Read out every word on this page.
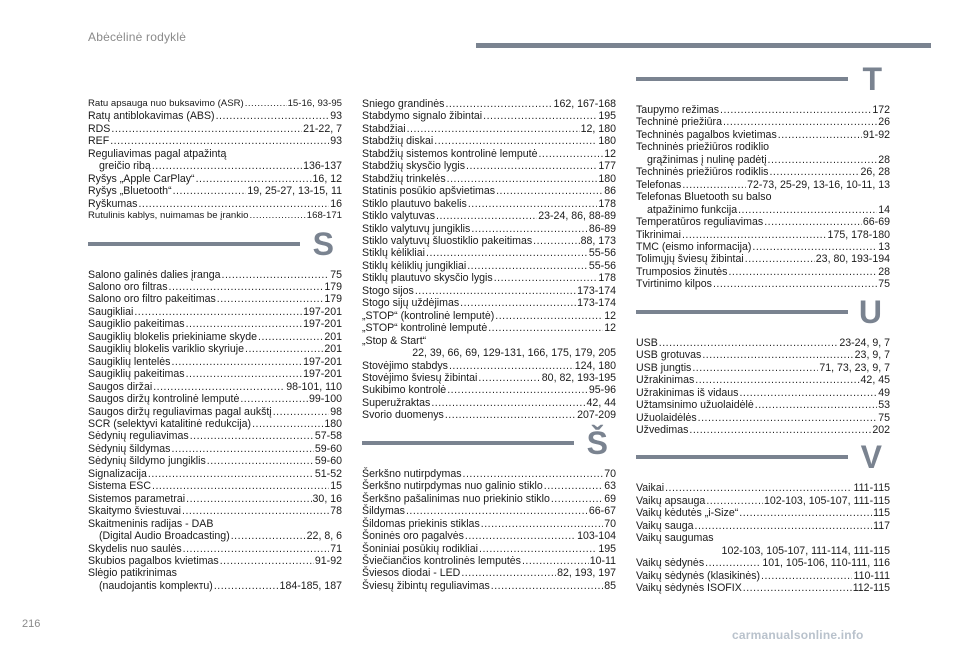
Abėcėlinė rodyklė
Ratu apsauga nuo buksavimo (ASR) .....	15-16, 93-95
Ratų antiblokavimas (ABS) .....	93
RDS .....	21-22, 7
REF .....	93
Reguliavimas pagal atpažintą
greičio ribą .....	136-137
Ryšys „Apple CarPlay“ .....	16, 12
Ryšys „Bluetooth“ .....	19, 25-27, 13-15, 11
Ryškumas .....	16
Rutulinis kablys, nuimamas be įrankio .....	168-171
S
Salono galinės dalies įranga .....	75
Salono oro filtras .....	179
Salono oro filtro pakeitimas .....	179
Saugikliai .....	197-201
Saugiklio pakeitimas .....	197-201
Saugiklių blokelis priekiniame skyde .....	201
Saugiklių blokelis variklio skyriuje .....	201
Saugiklių lentelės .....	197-201
Saugiklių pakeitimas .....	197-201
Saugos diržai .....	98-101, 110
Saugos diržų kontrolinė lemputė .....	99-100
Saugos diržų reguliavimas pagal aukštį .....	98
SCR (selektyvi katalitinė redukcija) .....	180
Sėdynių reguliavimas .....	57-58
Sėdynių šildymas .....	59-60
Sėdynių šildymo jungiklis .....	59-60
Signalizacija .....	51-52
Sistema ESC .....	15
Sistemos parametrai .....	30, 16
Skaitymo šviestuvai .....	78
Skaitmeninis radijas - DAB
(Digital Audio Broadcasting) .....	22, 8, 6
Skydelis nuo saulės .....	71
Skubios pagalbos kvietimas .....	91-92
Slėgio patikrinimas
(naudojantis kompleктu) .....	184-185, 187
Sniego grandinės .....	162, 167-168
Stabdymo signalo žibintai .....	195
Stabdžiai .....	12, 180
Stabdžių diskai .....	180
Stabdžių sistemos kontrolinė lemputė .....	12
Stabdžių skysčio lygis .....	177
Stabdžių trinkelės .....	180
Statinis posūkio apšvietimas .....	86
Stiklo plautuvo bakelis .....	178
Stiklo valytuvas .....	23-24, 86, 88-89
Stiklo valytuvų jungiklis .....	86-89
Stiklo valytuvų šluostiklio pakeitimas .....	88, 173
Stiklų kėlikliai .....	55-56
Stiklų kėliklių jungikliai .....	55-56
Stiklų plautuvo skysčio lygis .....	178
Stogo sijos .....	173-174
Stogo sijų uždėjimas .....	173-174
„STOP“ (kontrolinė lemputė) .....	12
„STOP“ kontrolinė lemputė .....	12
„Stop & Start“
22, 39, 66, 69, 129-131, 166, 175, 179, 205
Stovėjimo stabdys .....	124, 180
Stovėjimo šviesų žibintai .....	80, 82, 193-195
Sukibimo kontrolė .....	95-96
Superužraktas .....	42, 44
Svorio duomenys .....	207-209
Š
Šerkšno nutirpdymas .....	70
Šerkšno nutirpdymas nuo galinio stiklo .....	63
Šerkšno pašalinimas nuo priekinio stiklo .....	69
Šildymas .....	66-67
Šildomas priekinis stiklas .....	70
Šoninės oro pagalvės .....	103-104
Šoniniai posūkių rodikliai .....	195
Šviečiančios kontrolinės lemputės .....	10-11
Šviesos diodai - LED .....	82, 193, 197
Šviesų žibintų reguliavimas .....	85
T
Taupymo režimas .....	172
Techninė priežiūra .....	26
Techninės pagalbos kvietimas .....	91-92
Techninės priežiūros rodiklio
grąžinimas į nulinę padėtį .....	28
Techninės priežiūros rodiklis .....	26, 28
Telefonas .....	72-73, 25-29, 13-16, 10-11, 13
Telefonas Bluetooth su balso
atpažinimo funkcija .....	14
Temperatūros reguliavimas .....	66-69
Tikrinimai .....	175, 178-180
TMC (eismo informacija) .....	13
Tolimųjų šviesų žibintai .....	23, 80, 193-194
Trumposios žinutės .....	28
Tvirtinimo kilpos .....	75
U
USB .....	23-24, 9, 7
USB grotuvas .....	23, 9, 7
USB jungtis .....	71, 73, 23, 9, 7
Užrakinimas .....	42, 45
Užrakinimas iš vidaus .....	49
Užtamsinimo užuolaidėlė .....	53
Užuolaidėlės .....	75
Užvedimas .....	202
V
Vaikai .....	111-115
Vaikų apsauga .....	102-103, 105-107, 111-115
Vaikų kėdutės „i-Size“ .....	115
Vaikų sauga .....	117
Vaikų saugumas
102-103, 105-107, 111-114, 111-115
Vaikų sėdynės .....	101, 105-106, 110-111, 116
Vaikų sėdynės (klasikinės) .....	110-111
Vaikų sėdynės ISOFIX .....	112-115
216
carmanualsonline.info
